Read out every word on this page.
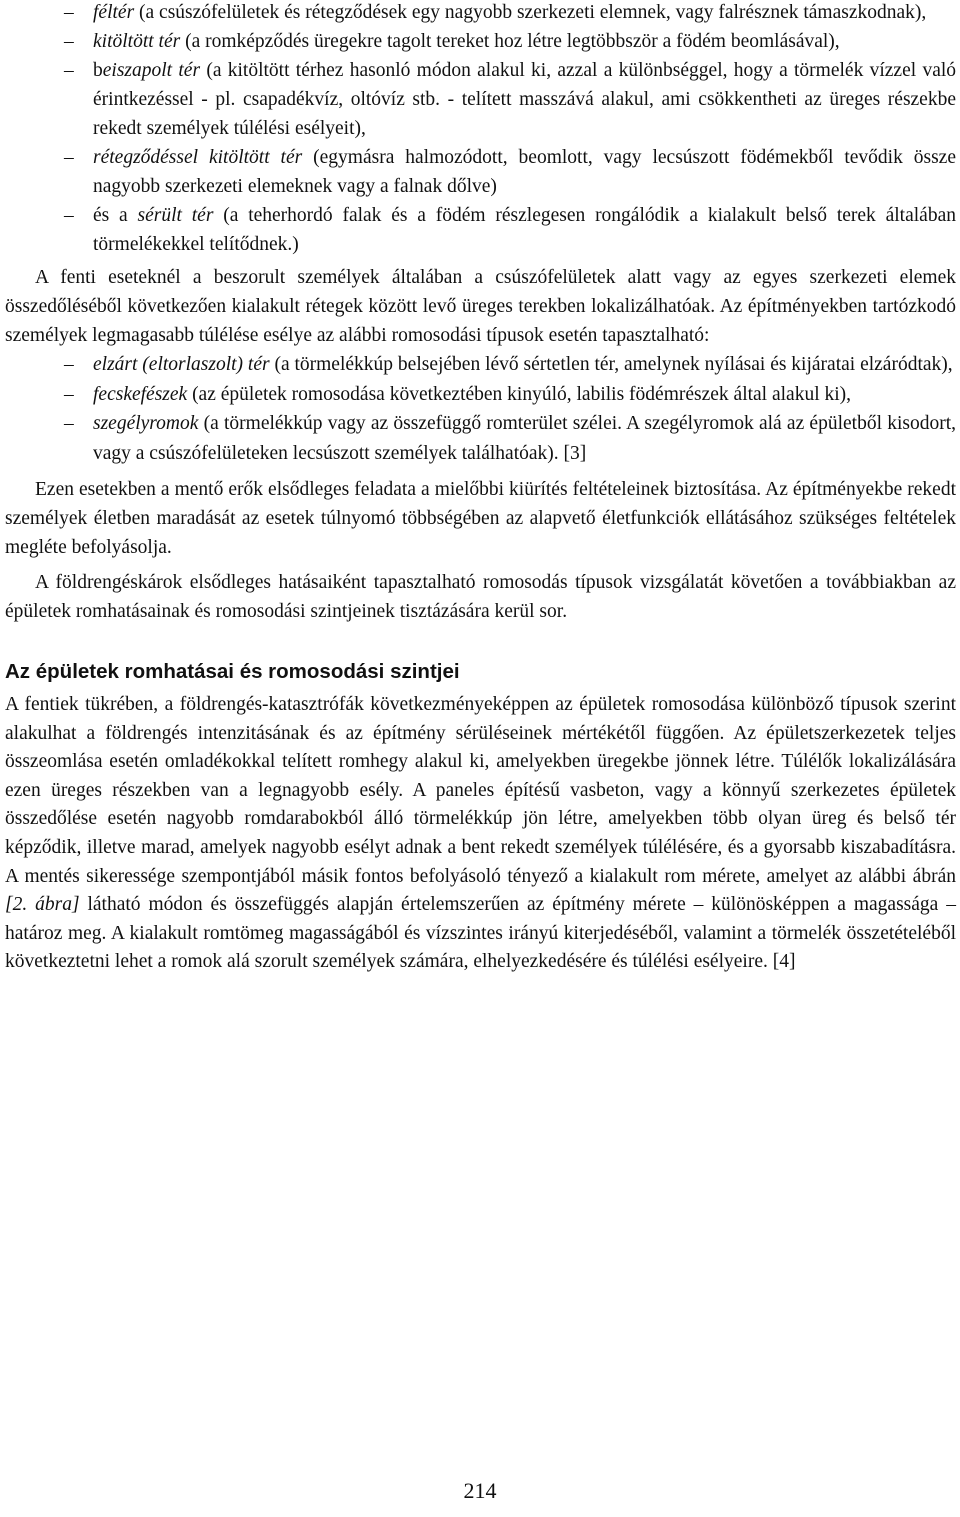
– féltér (a csúszófelületek és rétegződések egy nagyobb szerkezeti elemnek, vagy falrésznek támaszkodnak),
– kitöltött tér (a romképződés üregekre tagolt tereket hoz létre legtöbbször a födém beomlásával),
– beiszapolt tér (a kitöltött térhez hasonló módon alakul ki, azzal a különbséggel, hogy a törmelék vízzel való érintkezéssel - pl. csapadékvíz, oltóvíz stb. - telített masszává alakul, ami csökkentheti az üreges részekbe rekedt személyek túlélési esélyeit),
– rétegződéssel kitöltött tér (egymásra halmozódott, beomlott, vagy lecsúszott födémekből tevődik össze nagyobb szerkezeti elemeknek vagy a falnak dőlve)
– és a sérült tér (a teherhordó falak és a födém részlegesen rongálódik a kialakult belső terek általában törmelékekkel telítődnek.)

A fenti eseteknél a beszorult személyek általában a csúszófelületek alatt vagy az egyes szerkezeti elemek összedőléséből következően kialakult rétegek között levő üreges terekben lokalizálhatóak. Az építményekben tartózkodó személyek legmagasabb túlélése esélye az alábbi romosodási típusok esetén tapasztalható:

– elzárt (eltorlaszolt) tér (a törmelékkúp belsejében lévő sértetlen tér, amelynek nyílásai és kijáratai elzáródtak),
– fecskefészek (az épületek romosodása következtében kinyúló, labilis födémrészek által alakul ki),
– szegélyromok (a törmelékkúp vagy az összefüggő romterület szélei. A szegélyromok alá az épületből kisodort, vagy a csúszófelületeken lecsúszott személyek találhatóak). [3]

Ezen esetekben a mentő erők elsődleges feladata a mielőbbi kiürítés feltételeinek biztosítása. Az építményekbe rekedt személyek életben maradását az esetek túlnyomó többségében az alapvető életfunkciók ellátásához szükséges feltételek megléte befolyásolja.

A földrengéskárok elsődleges hatásaiként tapasztalható romosodás típusok vizsgálatát követően a továbbiakban az épületek romhatásainak és romosodási szintjeinek tisztázására kerül sor.

Az épületek romhatásai és romosodási szintjei

A fentiek tükrében, a földrengés-katasztrófák következményeképpen az épületek romosodása különböző típusok szerint alakulhat a földrengés intenzitásának és az építmény sérüléseinek mértékétől függően. Az épületszerkezetek teljes összeomlása esetén omladékokkal telített romhegy alakul ki, amelyekben üregekbe jönnek létre. Túlélők lokalizálására ezen üreges részekben van a legnagyobb esély. A paneles építésű vasbeton, vagy a könnyű szerkezetes épületek összedőlése esetén nagyobb romdarabokból álló törmelékkúp jön létre, amelyekben több olyan üreg és belső tér képződik, illetve marad, amelyek nagyobb esélyt adnak a bent rekedt személyek túlélésére, és a gyorsabb kiszabadításra. A mentés sikeressége szempontjából másik fontos befolyásoló tényező a kialakult rom mérete, amelyet az alábbi ábrán [2. ábra] látható módon és összefüggés alapján értelemszerűen az építmény mérete – különösképpen a magassága – határoz meg. A kialakult romtömeg magasságából és vízszintes irányú kiterjedéséből, valamint a törmelék összetételéből következtetni lehet a romok alá szorult személyek számára, elhelyezkedésére és túlélési esélyeire. [4]

214
